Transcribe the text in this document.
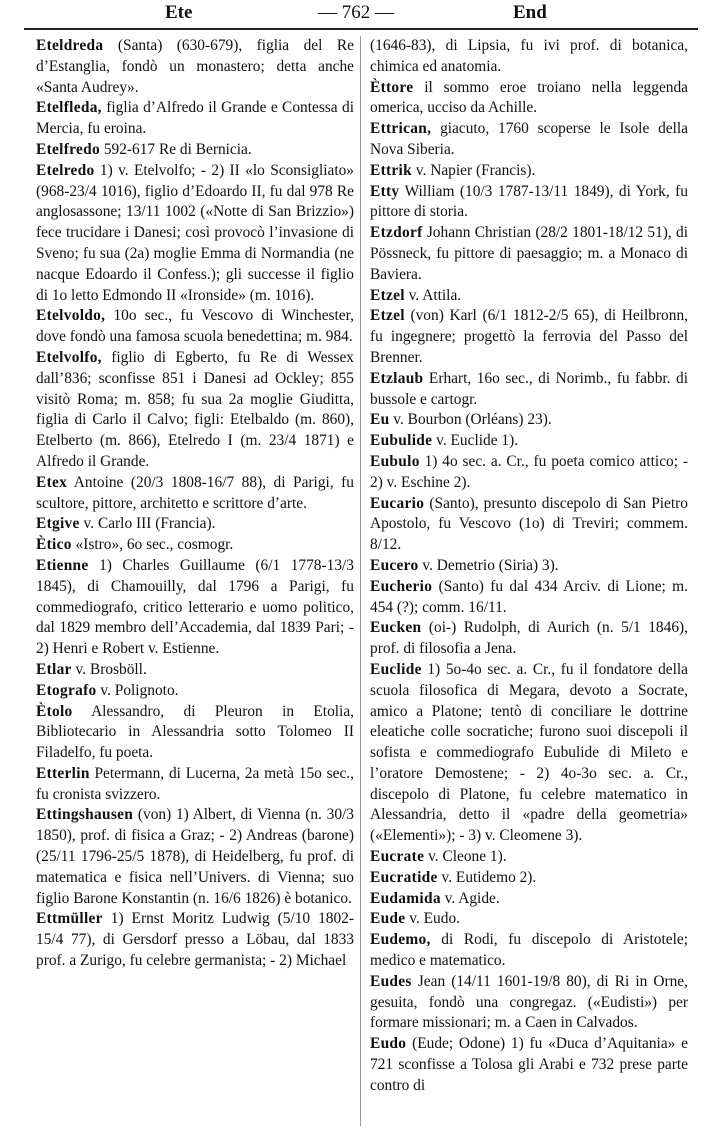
Ete	— 762 —	End

Eteldreda (Santa) (630-679), figlia del Re d’Estanglia, fondò un monastero; detta anche «Santa Audrey».

Etelfleda, figlia d’Alfredo il Grande e Contessa di Mercia, fu eroina.

Etelfredo 592-617 Re di Bernicia.

Etelredo 1) v. Etelvolfo; - 2) II «lo Sconsigliato» (968-23/4 1016), figlio d’Edoardo II, fu dal 978 Re anglosassone; 13/11 1002 («Notte di San Brizzio») fece trucidare i Danesi; così provocò l’invasione di Sveno; fu sua (2a) moglie Emma di Normandia (ne nacque Edoardo il Confess.); gli successe il figlio di 1o letto Edmondo II «Ironside» (m. 1016).

Etelvoldo, 10o sec., fu Vescovo di Winchester, dove fondò una famosa scuola benedettina; m. 984.

Etelvolfo, figlio di Egberto, fu Re di Wessex dall’836; sconfisse 851 i Danesi ad Ockley; 855 visitò Roma; m. 858; fu sua 2a moglie Giuditta, figlia di Carlo il Calvo; figli: Etelbaldo (m. 860), Etelberto (m. 866), Etelredo I (m. 23/4 1871) e Alfredo il Grande.

Etex Antoine (20/3 1808-16/7 88), di Parigi, fu scultore, pittore, architetto e scrittore d’arte.

Etgive v. Carlo III (Francia).

Ètico «Istro», 6o sec., cosmogr.

Etienne 1) Charles Guillaume (6/1 1778-13/3 1845), di Chamouilly, dal 1796 a Parigi, fu commediografo, critico letterario e uomo politico, dal 1829 membro dell’Accademia, dal 1839 Pari; - 2) Henri e Robert v. Estienne.

Etlar v. Brosböll.

Etografo v. Polignoto.

Ètolo Alessandro, di Pleuron in Etolia, Bibliotecario in Alessandria sotto Tolomeo II Filadelfo, fu poeta.

Etterlin Petermann, di Lucerna, 2a metà 15o sec., fu cronista svizzero.

Ettingshausen (von) 1) Albert, di Vienna (n. 30/3 1850), prof. di fisica a Graz; - 2) Andreas (barone) (25/11 1796-25/5 1878), di Heidelberg, fu prof. di matematica e fisica nell’Univers. di Vienna; suo figlio Barone Konstantin (n. 16/6 1826) è botanico.

Ettmüller 1) Ernst Moritz Ludwig (5/10 1802-15/4 77), di Gersdorf presso a Löbau, dal 1833 prof. a Zurigo, fu celebre germanista; - 2) Michael

(1646-83), di Lipsia, fu ivi prof. di botanica, chimica ed anatomia.

Èttore il sommo eroe troiano nella leggenda omerica, ucciso da Achille.

Ettrican, giacuto, 1760 scoperse le Isole della Nova Siberia.

Ettrik v. Napier (Francis).

Etty William (10/3 1787-13/11 1849), di York, fu pittore di storia.

Etzdorf Johann Christian (28/2 1801-18/12 51), di Pössneck, fu pittore di paesaggio; m. a Monaco di Baviera.

Etzel v. Attila.

Etzel (von) Karl (6/1 1812-2/5 65), di Heilbronn, fu ingegnere; progettò la ferrovia del Passo del Brenner.

Etzlaub Erhart, 16o sec., di Norimb., fu fabbr. di bussole e cartogr.

Eu v. Bourbon (Orléans) 23).

Eubulide v. Euclide 1).

Eubulo 1) 4o sec. a. Cr., fu poeta comico attico; - 2) v. Eschine 2).

Eucario (Santo), presunto discepolo di San Pietro Apostolo, fu Vescovo (1o) di Treviri; commem. 8/12.

Eucero v. Demetrio (Siria) 3).

Eucherio (Santo) fu dal 434 Arciv. di Lione; m. 454 (?); comm. 16/11.

Eucken (oi-) Rudolph, di Aurich (n. 5/1 1846), prof. di filosofia a Jena.

Euclide 1) 5o-4o sec. a. Cr., fu il fondatore della scuola filosofica di Megara, devoto a Socrate, amico a Platone; tentò di conciliare le dottrine eleatiche colle socratiche; furono suoi discepoli il sofista e commediografo Eubulide di Mileto e l’oratore Demostene; - 2) 4o-3o sec. a. Cr., discepolo di Platone, fu celebre matematico in Alessandria, detto il «padre della geometria» («Elementi»); - 3) v. Cleomene 3).

Eucrate v. Cleone 1).

Eucratide v. Eutidemo 2).

Eudamida v. Agide.

Eude v. Eudo.

Eudemo, di Rodi, fu discepolo di Aristotele; medico e matematico.

Eudes Jean (14/11 1601-19/8 80), di Ri in Orne, gesuita, fondò una congregaz. («Eudisti») per formare missionari; m. a Caen in Calvados.

Eudo (Eude; Odone) 1) fu «Duca d’Aquitania» e 721 sconfisse a Tolosa gli Arabi e 732 prese parte contro di
